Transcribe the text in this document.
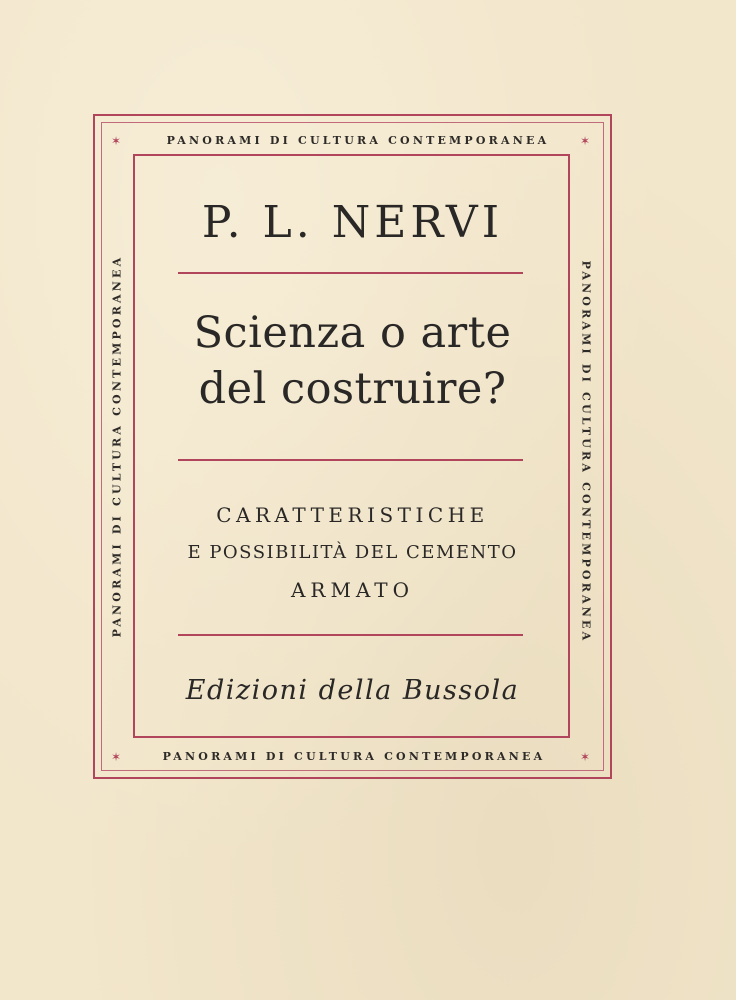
✶	✶
✶	✶
PANORAMI DI CULTURA CONTEMPORANEA
PANORAMI DI CULTURA CONTEMPORANEA
PANORAMI DI CULTURA CONTEMPORANEA	PANORAMI DI CULTURA CONTEMPORANEA
P. L. NERVI
Scienza o arte
del costruire?
CARATTERISTICHE
E POSSIBILITÀ DEL CEMENTO
ARMATO
Edizioni della Bussola
